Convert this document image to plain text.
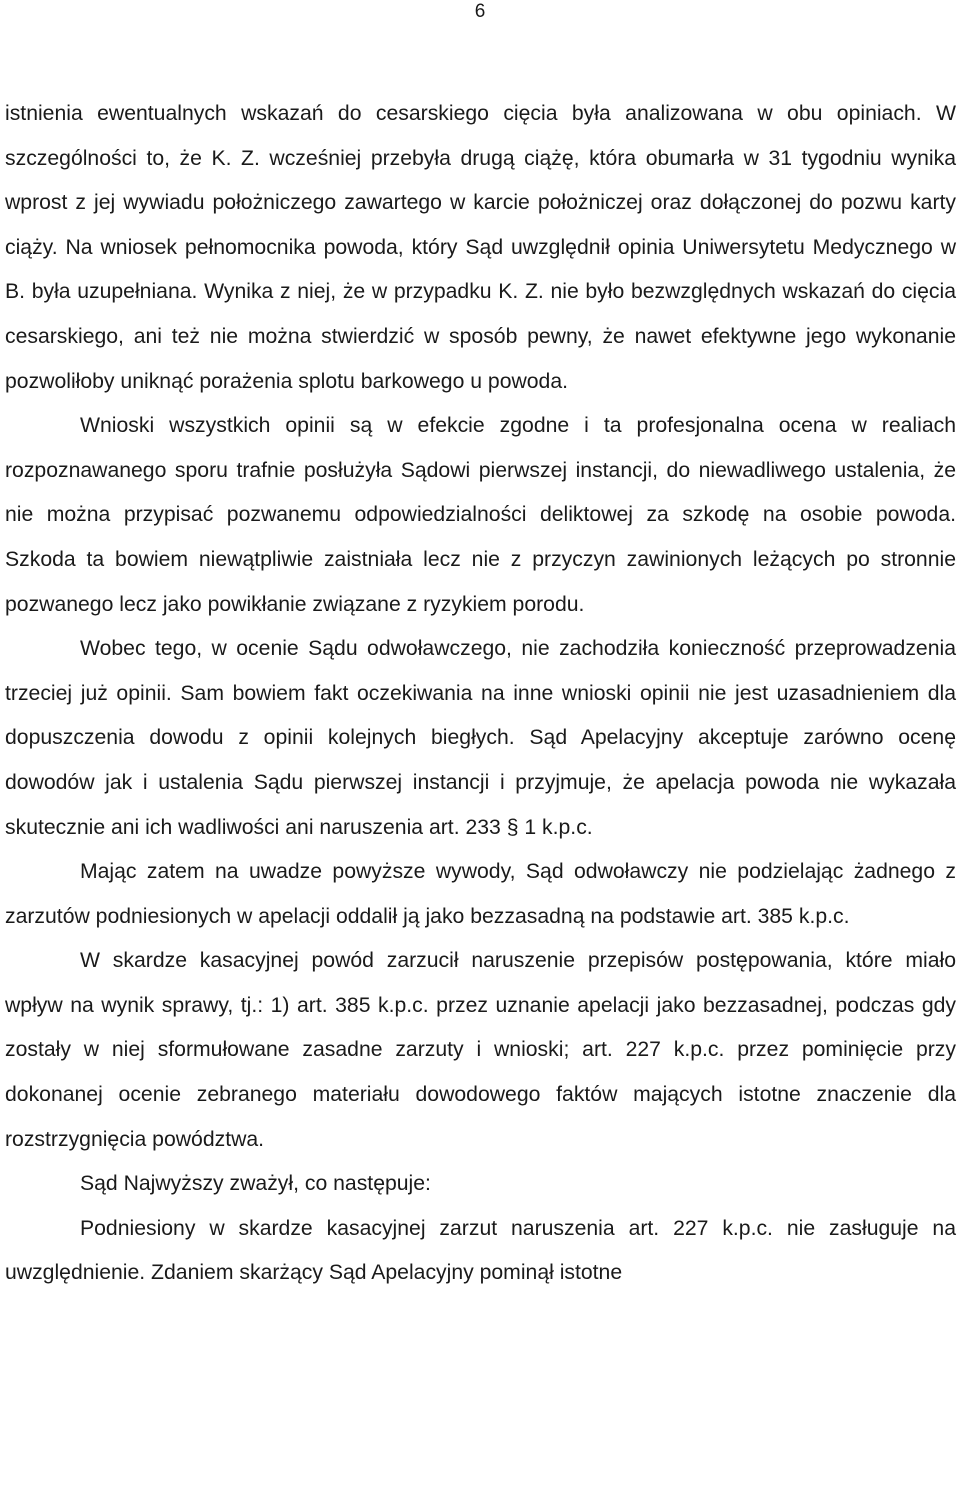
6

istnienia ewentualnych wskazań do cesarskiego cięcia była analizowana w obu opiniach. W szczególności to, że K. Z. wcześniej przebyła drugą ciążę, która obumarła w 31 tygodniu wynika wprost z jej wywiadu położniczego zawartego w karcie położniczej oraz dołączonej do pozwu karty ciąży. Na wniosek pełnomocnika powoda, który Sąd uwzględnił opinia Uniwersytetu Medycznego w B. była uzupełniana. Wynika z niej, że w przypadku K. Z. nie było bezwzględnych wskazań do cięcia cesarskiego, ani też nie można stwierdzić w sposób pewny, że nawet efektywne jego wykonanie pozwoliłoby uniknąć porażenia splotu barkowego u powoda.

Wnioski wszystkich opinii są w efekcie zgodne i ta profesjonalna ocena w realiach rozpoznawanego sporu trafnie posłużyła Sądowi pierwszej instancji, do niewadliwego ustalenia, że nie można przypisać pozwanemu odpowiedzialności deliktowej za szkodę na osobie powoda. Szkoda ta bowiem niewątpliwie zaistniała lecz nie z przyczyn zawinionych leżących po stronnie pozwanego lecz jako powikłanie związane z ryzykiem porodu.

Wobec tego, w ocenie Sądu odwoławczego, nie zachodziła konieczność przeprowadzenia trzeciej już opinii. Sam bowiem fakt oczekiwania na inne wnioski opinii nie jest uzasadnieniem dla dopuszczenia dowodu z opinii kolejnych biegłych. Sąd Apelacyjny akceptuje zarówno ocenę dowodów jak i ustalenia Sądu pierwszej instancji i przyjmuje, że apelacja powoda nie wykazała skutecznie ani ich wadliwości ani naruszenia art. 233 § 1 k.p.c.

Mając zatem na uwadze powyższe wywody, Sąd odwoławczy nie podzielając żadnego z zarzutów podniesionych w apelacji oddalił ją jako bezzasadną na podstawie art. 385 k.p.c.

W skardze kasacyjnej powód zarzucił naruszenie przepisów postępowania, które miało wpływ na wynik sprawy, tj.: 1) art. 385 k.p.c. przez uznanie apelacji jako bezzasadnej, podczas gdy zostały w niej sformułowane zasadne zarzuty i wnioski; art. 227 k.p.c. przez pominięcie przy dokonanej ocenie zebranego materiału dowodowego faktów mających istotne znaczenie dla rozstrzygnięcia powództwa.

Sąd Najwyższy zważył, co następuje:

Podniesiony w skardze kasacyjnej zarzut naruszenia art. 227 k.p.c. nie zasługuje na uwzględnienie. Zdaniem skarżący Sąd Apelacyjny pominął istotne
